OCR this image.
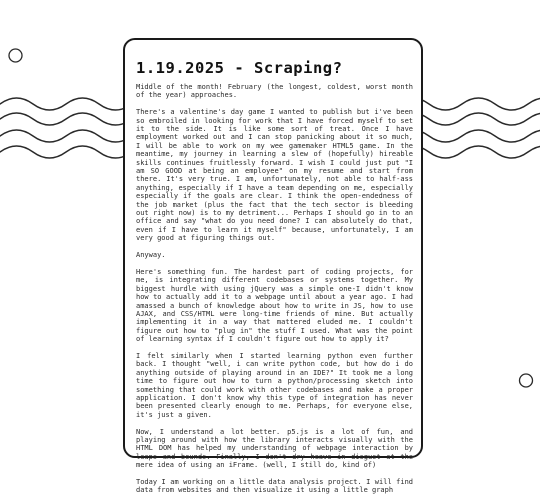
1.19.2025 - Scraping?

Middle of the month! February (the longest, coldest, worst month of the year) approaches.

There's a valentine's day game I wanted to publish but i've been so embroiled in looking for work that I have forced myself to set it to the side. It is like some sort of treat. Once I have employment worked out and I can stop panicking about it so much, I will be able to work on my wee gamemaker HTML5 game. In the meantime, my journey in learning a slew of (hopefully) hireable skills continues fruitlessly forward. I wish I could just put "I am SO GOOD at being an employee" on my resume and start from there. It's very true. I am, unfortunately, not able to half-ass anything, especially if I have a team depending on me, especially especially if the goals are clear. I think the open-endedness of the job market (plus the fact that the tech sector is bleeding out right now) is to my detriment... Perhaps I should go in to an office and say "what do you need done? I can absolutely do that, even if I have to learn it myself" because, unfortunately, I am very good at figuring things out.

Anyway.

Here's something fun. The hardest part of coding projects, for me, is integrating different codebases or systems together. My biggest hurdle with using jQuery was a simple one-I didn't know how to actually add it to a webpage until about a year ago. I had amassed a bunch of knowledge about how to write in JS, how to use AJAX, and CSS/HTML were long-time friends of mine. But actually implementing it in a way that mattered eluded me. I couldn't figure out how to "plug in" the stuff I used. What was the point of learning syntax if I couldn't figure out how to apply it?

I felt similarly when I started learning python even further back. I thought "well, i can write python code, but how do i do anything outside of playing around in an IDE?" It took me a long time to figure out how to turn a python/processing sketch into something that could work with other codebases and make a proper application. I don't know why this type of integration has never been presented clearly enough to me. Perhaps, for everyone else, it's just a given.

Now, I understand a lot better. p5.js is a lot of fun, and playing around with how the library interacts visually with the HTML DOM has helped my understanding of webpage interaction by leaps and bounds. Finally, I don't dry heave in disgust at the mere idea of using an iFrame. (well, I still do, kind of)

Today I am working on a little data analysis project. I will find data from websites and then visualize it using a little graph
